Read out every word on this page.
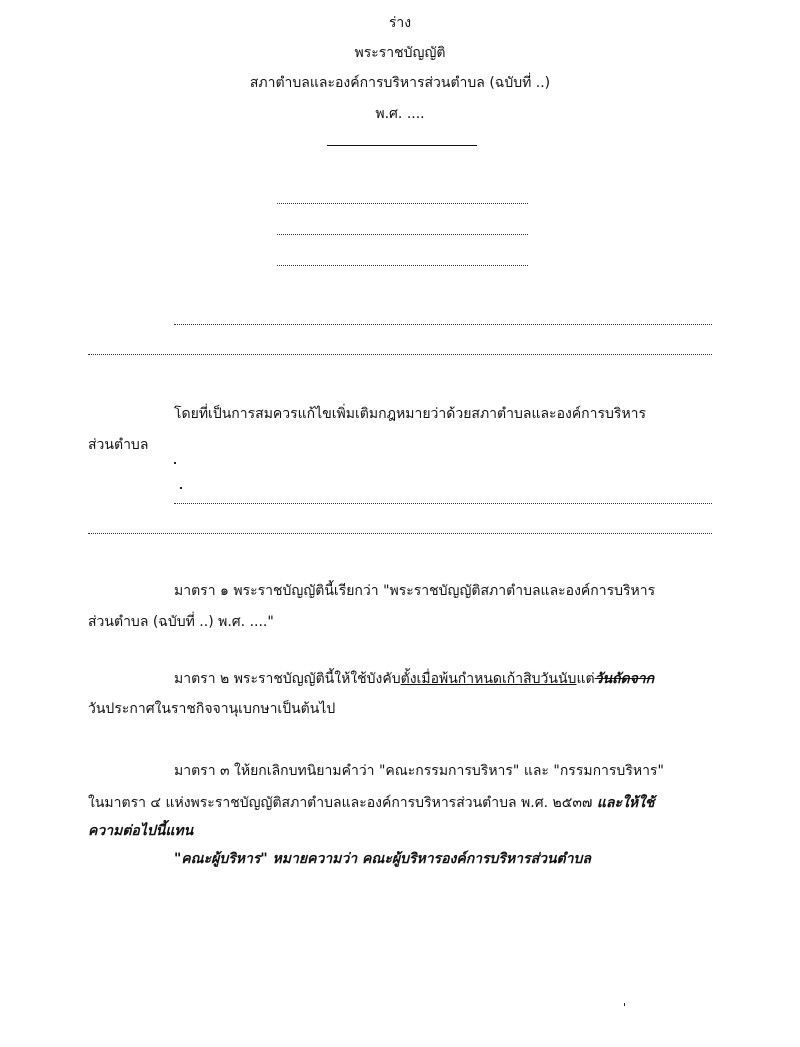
ร่าง
พระราชบัญญัติ
สภาตำบลและองค์การบริหารส่วนตำบล (ฉบับที่ ..)
พ.ศ. ....
โดยที่เป็นการสมควรแก้ไขเพิ่มเติมกฎหมายว่าด้วยสภาตำบลและองค์การบริหาร
ส่วนตำบล
มาตรา ๑ พระราชบัญญัตินี้เรียกว่า "พระราชบัญญัติสภาตำบลและองค์การบริหาร
ส่วนตำบล (ฉบับที่ ..) พ.ศ. ...."
มาตรา ๒ พระราชบัญญัตินี้ให้ใช้บังคับตั้งเมื่อพ้นกำหนดเก้าสิบวันนับแต่วันถัดจาก
วันประกาศในราชกิจจานุเบกษาเป็นต้นไป
มาตรา ๓ ให้ยกเลิกบทนิยามคำว่า "คณะกรรมการบริหาร" และ "กรรมการบริหาร"
ในมาตรา ๔ แห่งพระราชบัญญัติสภาตำบลและองค์การบริหารส่วนตำบล พ.ศ. ๒๕๓๗ และให้ใช้
ความต่อไปนี้แทน
"คณะผู้บริหาร" หมายความว่า คณะผู้บริหารองค์การบริหารส่วนตำบล
